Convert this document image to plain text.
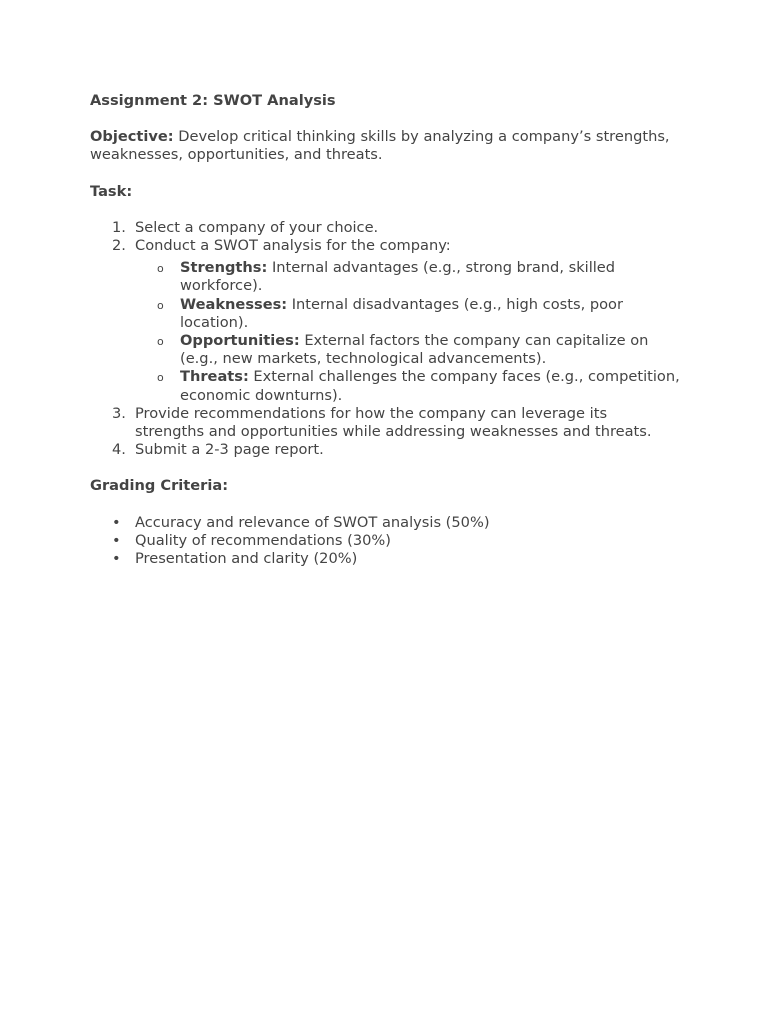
Assignment 2: SWOT Analysis
Objective: Develop critical thinking skills by analyzing a company’s strengths, weaknesses, opportunities, and threats.
Task:
1. Select a company of your choice.
2. Conduct a SWOT analysis for the company:
o Strengths: Internal advantages (e.g., strong brand, skilled workforce).
o Weaknesses: Internal disadvantages (e.g., high costs, poor location).
o Opportunities: External factors the company can capitalize on (e.g., new markets, technological advancements).
o Threats: External challenges the company faces (e.g., competition, economic downturns).
3. Provide recommendations for how the company can leverage its strengths and opportunities while addressing weaknesses and threats.
4. Submit a 2-3 page report.
Grading Criteria:
• Accuracy and relevance of SWOT analysis (50%)
• Quality of recommendations (30%)
• Presentation and clarity (20%)
